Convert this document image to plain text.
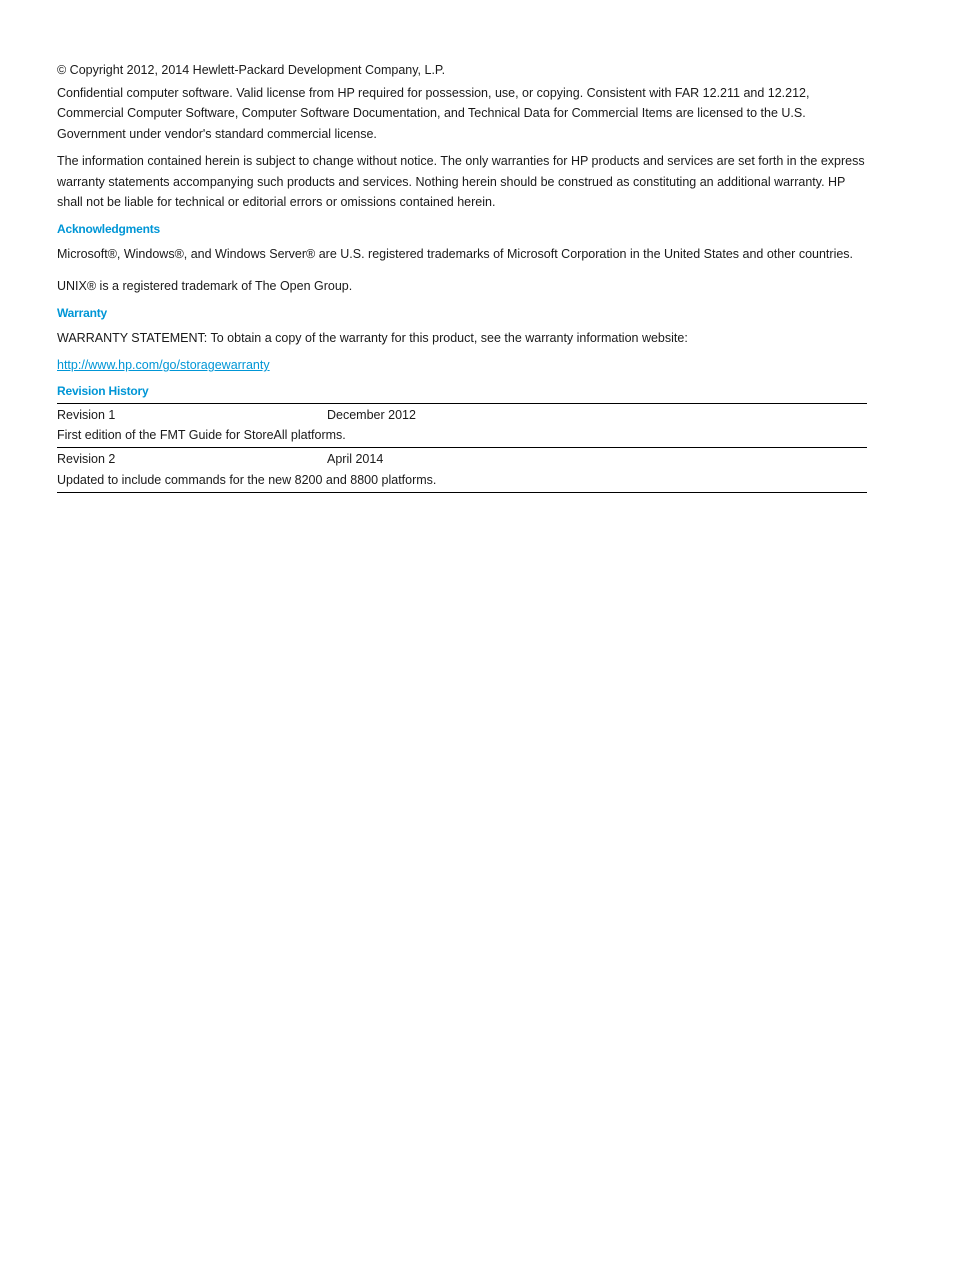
© Copyright 2012, 2014 Hewlett-Packard Development Company, L.P.

Confidential computer software. Valid license from HP required for possession, use, or copying. Consistent with FAR 12.211 and 12.212, Commercial Computer Software, Computer Software Documentation, and Technical Data for Commercial Items are licensed to the U.S. Government under vendor's standard commercial license.

The information contained herein is subject to change without notice. The only warranties for HP products and services are set forth in the express warranty statements accompanying such products and services. Nothing herein should be construed as constituting an additional warranty. HP shall not be liable for technical or editorial errors or omissions contained herein.

Acknowledgments

Microsoft®, Windows®, and Windows Server® are U.S. registered trademarks of Microsoft Corporation in the United States and other countries.

UNIX® is a registered trademark of The Open Group.

Warranty

WARRANTY STATEMENT: To obtain a copy of the warranty for this product, see the warranty information website:

http://www.hp.com/go/storagewarranty
Revision History
Revision 1	December 2012
First edition of the FMT Guide for StoreAll platforms.
Revision 2	April 2014
Updated to include commands for the new 8200 and 8800 platforms.
